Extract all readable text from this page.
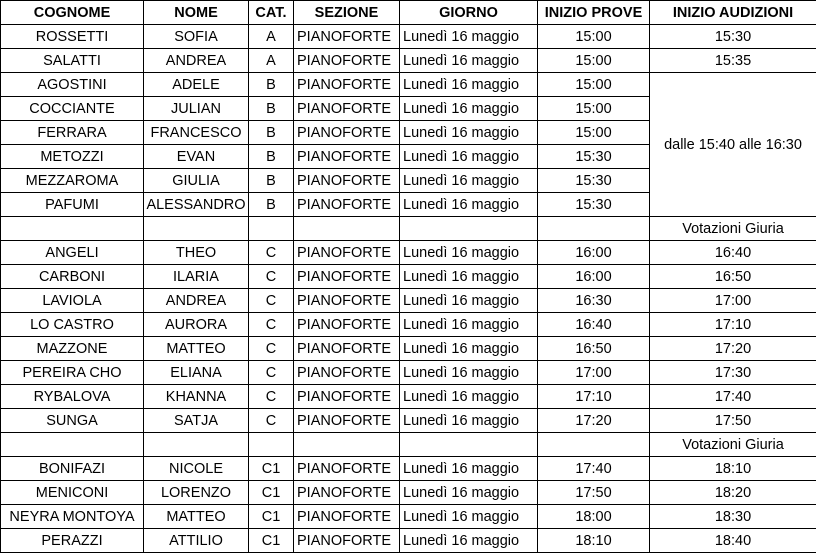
COGNOME	NOME	CAT.	SEZIONE	GIORNO	INIZIO PROVE	INIZIO AUDIZIONI
ROSSETTI	SOFIA	A	PIANOFORTE	Lunedì 16 maggio	15:00	15:30
SALATTI	ANDREA	A	PIANOFORTE	Lunedì 16 maggio	15:00	15:35
AGOSTINI	ADELE	B	PIANOFORTE	Lunedì 16 maggio	15:00	dalle 15:40 alle 16:30
COCCIANTE	JULIAN	B	PIANOFORTE	Lunedì 16 maggio	15:00	
FERRARA	FRANCESCO	B	PIANOFORTE	Lunedì 16 maggio	15:00	
METOZZI	EVAN	B	PIANOFORTE	Lunedì 16 maggio	15:30	
MEZZAROMA	GIULIA	B	PIANOFORTE	Lunedì 16 maggio	15:30	
PAFUMI	ALESSANDRO	B	PIANOFORTE	Lunedì 16 maggio	15:30	
						Votazioni Giuria
ANGELI	THEO	C	PIANOFORTE	Lunedì 16 maggio	16:00	16:40
CARBONI	ILARIA	C	PIANOFORTE	Lunedì 16 maggio	16:00	16:50
LAVIOLA	ANDREA	C	PIANOFORTE	Lunedì 16 maggio	16:30	17:00
LO CASTRO	AURORA	C	PIANOFORTE	Lunedì 16 maggio	16:40	17:10
MAZZONE	MATTEO	C	PIANOFORTE	Lunedì 16 maggio	16:50	17:20
PEREIRA CHO	ELIANA	C	PIANOFORTE	Lunedì 16 maggio	17:00	17:30
RYBALOVA	KHANNA	C	PIANOFORTE	Lunedì 16 maggio	17:10	17:40
SUNGA	SATJA	C	PIANOFORTE	Lunedì 16 maggio	17:20	17:50
						Votazioni Giuria
BONIFAZI	NICOLE	C1	PIANOFORTE	Lunedì 16 maggio	17:40	18:10
MENICONI	LORENZO	C1	PIANOFORTE	Lunedì 16 maggio	17:50	18:20
NEYRA MONTOYA	MATTEO	C1	PIANOFORTE	Lunedì 16 maggio	18:00	18:30
PERAZZI	ATTILIO	C1	PIANOFORTE	Lunedì 16 maggio	18:10	18:40
